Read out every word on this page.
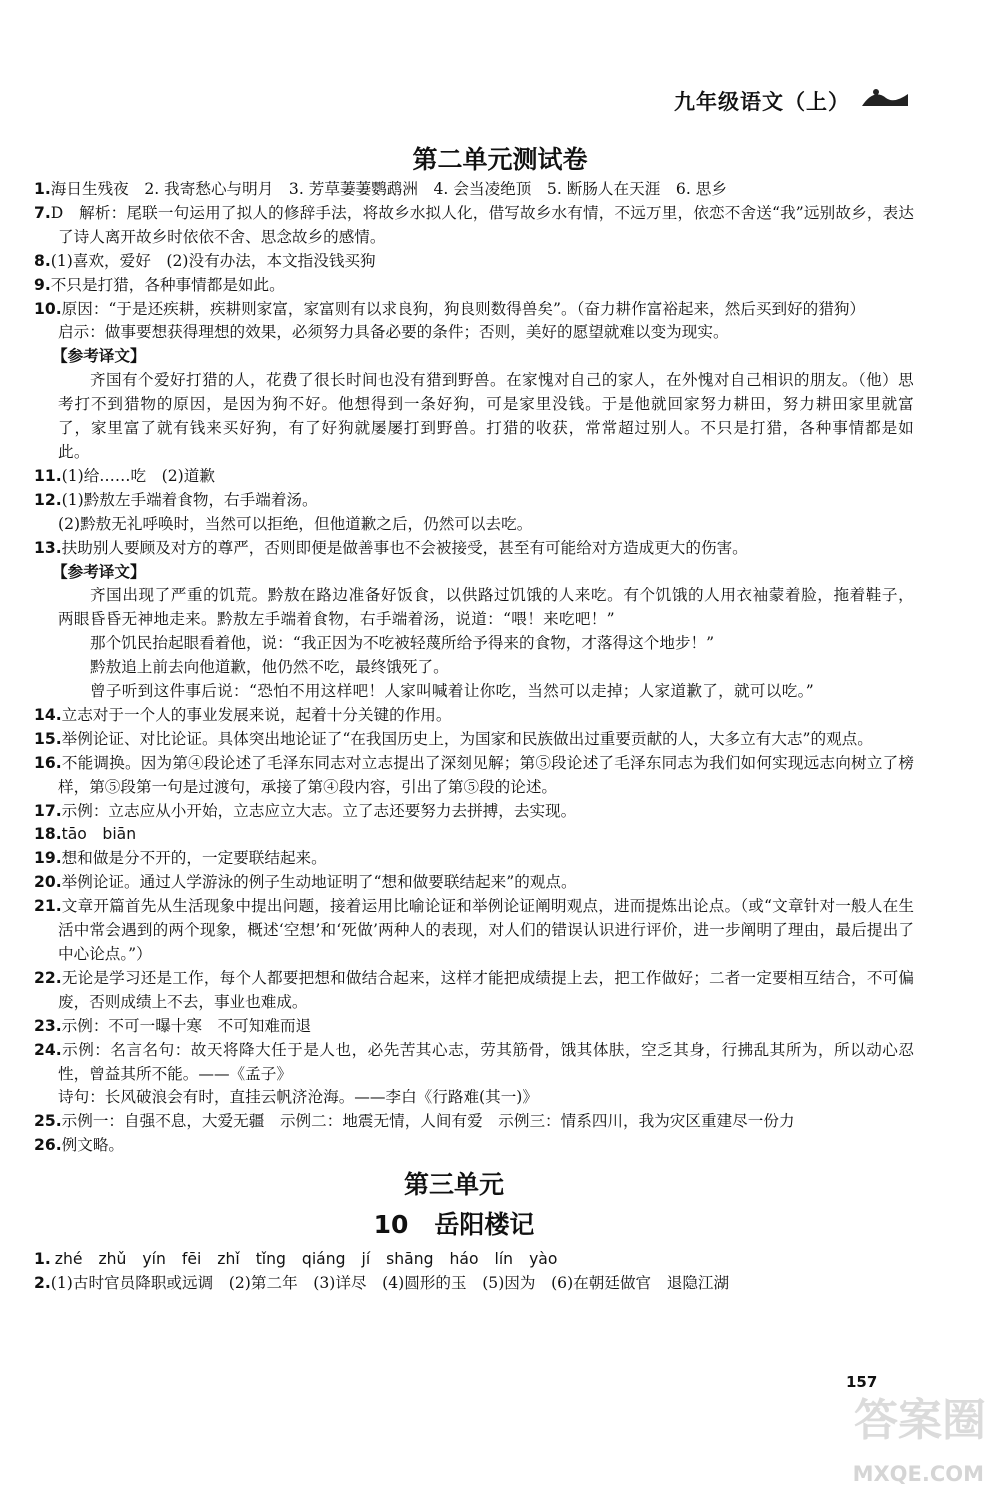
九年级语文（上）
第二单元测试卷

1.海日生残夜　2. 我寄愁心与明月　3. 芳草萋萋鹦鹉洲　4. 会当凌绝顶　5. 断肠人在天涯　6. 思乡

7.D　解析：尾联一句运用了拟人的修辞手法，将故乡水拟人化，借写故乡水有情，不远万里，依恋不舍送“我”远别故乡，表达了诗人离开故乡时依依不舍、思念故乡的感情。

8.(1)喜欢，爱好　(2)没有办法，本文指没钱买狗

9.不只是打猎，各种事情都是如此。

10.原因：“于是还疾耕，疾耕则家富，家富则有以求良狗，狗良则数得兽矣”。（奋力耕作富裕起来，然后买到好的猎狗）

启示：做事要想获得理想的效果，必须努力具备必要的条件；否则，美好的愿望就难以变为现实。

【参考译文】

齐国有个爱好打猎的人，花费了很长时间也没有猎到野兽。在家愧对自己的家人，在外愧对自己相识的朋友。（他）思考打不到猎物的原因，是因为狗不好。他想得到一条好狗，可是家里没钱。于是他就回家努力耕田，努力耕田家里就富了，家里富了就有钱来买好狗，有了好狗就屡屡打到野兽。打猎的收获，常常超过别人。不只是打猎，各种事情都是如此。

11.(1)给……吃　(2)道歉

12.(1)黔敖左手端着食物，右手端着汤。

(2)黔敖无礼呼唤时，当然可以拒绝，但他道歉之后，仍然可以去吃。

13.扶助别人要顾及对方的尊严，否则即便是做善事也不会被接受，甚至有可能给对方造成更大的伤害。

【参考译文】

齐国出现了严重的饥荒。黔敖在路边准备好饭食，以供路过饥饿的人来吃。有个饥饿的人用衣袖蒙着脸，拖着鞋子，两眼昏昏无神地走来。黔敖左手端着食物，右手端着汤，说道：“喂！来吃吧！”

那个饥民抬起眼看着他，说：“我正因为不吃被轻蔑所给予得来的食物，才落得这个地步！”

黔敖追上前去向他道歉，他仍然不吃，最终饿死了。

曾子听到这件事后说：“恐怕不用这样吧！人家叫喊着让你吃，当然可以走掉；人家道歉了，就可以吃。”

14.立志对于一个人的事业发展来说，起着十分关键的作用。

15.举例论证、对比论证。具体突出地论证了“在我国历史上，为国家和民族做出过重要贡献的人，大多立有大志”的观点。

16.不能调换。因为第④段论述了毛泽东同志对立志提出了深刻见解；第⑤段论述了毛泽东同志为我们如何实现远志向树立了榜样，第⑤段第一句是过渡句，承接了第④段内容，引出了第⑤段的论述。

17.示例：立志应从小开始，立志应立大志。立了志还要努力去拼搏，去实现。

18.tāo　biān

19.想和做是分不开的，一定要联结起来。

20.举例论证。通过人学游泳的例子生动地证明了“想和做要联结起来”的观点。

21.文章开篇首先从生活现象中提出问题，接着运用比喻论证和举例论证阐明观点，进而提炼出论点。（或“文章针对一般人在生活中常会遇到的两个现象，概述‘空想’和‘死做’两种人的表现，对人们的错误认识进行评价，进一步阐明了理由，最后提出了中心论点。”）

22.无论是学习还是工作，每个人都要把想和做结合起来，这样才能把成绩提上去，把工作做好；二者一定要相互结合，不可偏废，否则成绩上不去，事业也难成。

23.示例：不可一曝十寒　不可知难而退

24.示例：名言名句：故天将降大任于是人也，必先苦其心志，劳其筋骨，饿其体肤，空乏其身，行拂乱其所为，所以动心忍性，曾益其所不能。——《孟子》

诗句：长风破浪会有时，直挂云帆济沧海。——李白《行路难(其一)》

25.示例一：自强不息，大爱无疆　示例二：地震无情，人间有爱　示例三：情系四川，我为灾区重建尽一份力

26.例文略。

第三单元
10 岳阳楼记

1. zhé zhǔ yín fēi zhǐ tǐng qiáng jí shāng háo lín yào

2.(1)古时官员降职或远调　(2)第二年　(3)详尽　(4)圆形的玉　(5)因为　(6)在朝廷做官　退隐江湖

157
答案圈
MXQE.COM
